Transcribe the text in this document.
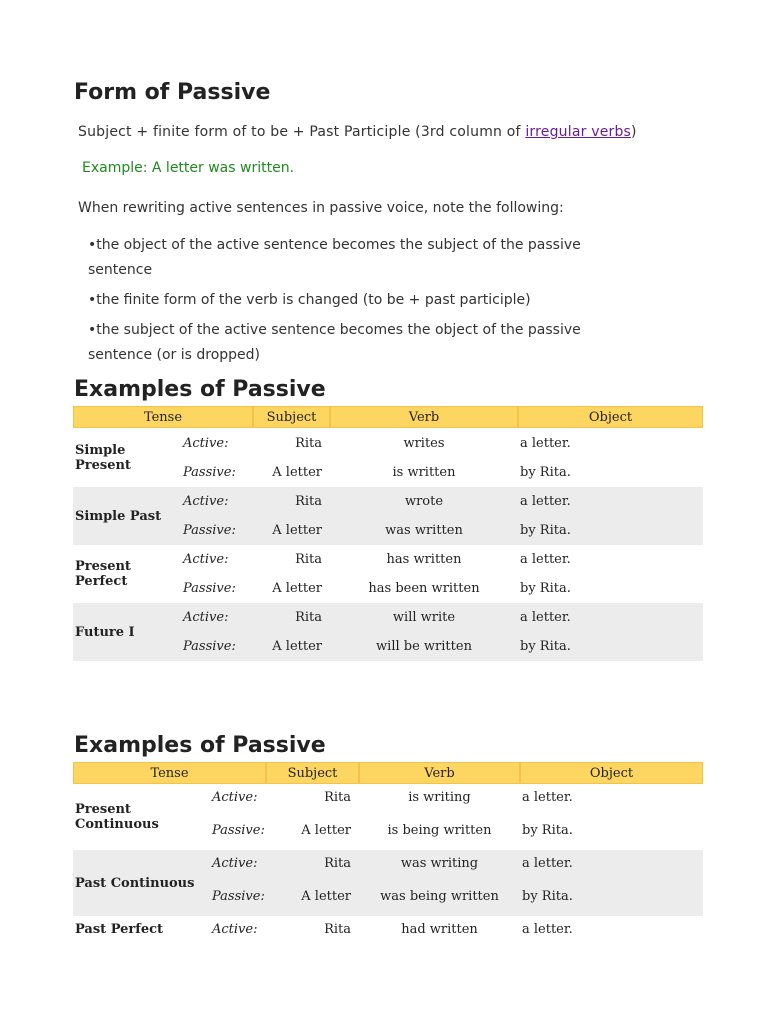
Form of Passive
Subject + finite form of to be + Past Participle (3rd column of irregular verbs)
Example: A letter was written.
When rewriting active sentences in passive voice, note the following:
•the object of the active sentence becomes the subject of the passive sentence
•the finite form of the verb is changed (to be + past participle)
•the subject of the active sentence becomes the object of the passive sentence (or is dropped)
Examples of Passive
Tense		Subject	Verb	Object
Simple Present	Active:	Rita	writes	a letter.
	Passive:	A letter	is written	by Rita.
Simple Past	Active:	Rita	wrote	a letter.
	Passive:	A letter	was written	by Rita.
Present Perfect	Active:	Rita	has written	a letter.
	Passive:	A letter	has been written	by Rita.
Future I	Active:	Rita	will write	a letter.
	Passive:	A letter	will be written	by Rita.
Examples of Passive
Tense		Subject	Verb	Object
Present Continuous	Active:	Rita	is writing	a letter.
	Passive:	A letter	is being written	by Rita.
Past Continuous	Active:	Rita	was writing	a letter.
	Passive:	A letter	was being written	by Rita.
Past Perfect	Active:	Rita	had written	a letter.
